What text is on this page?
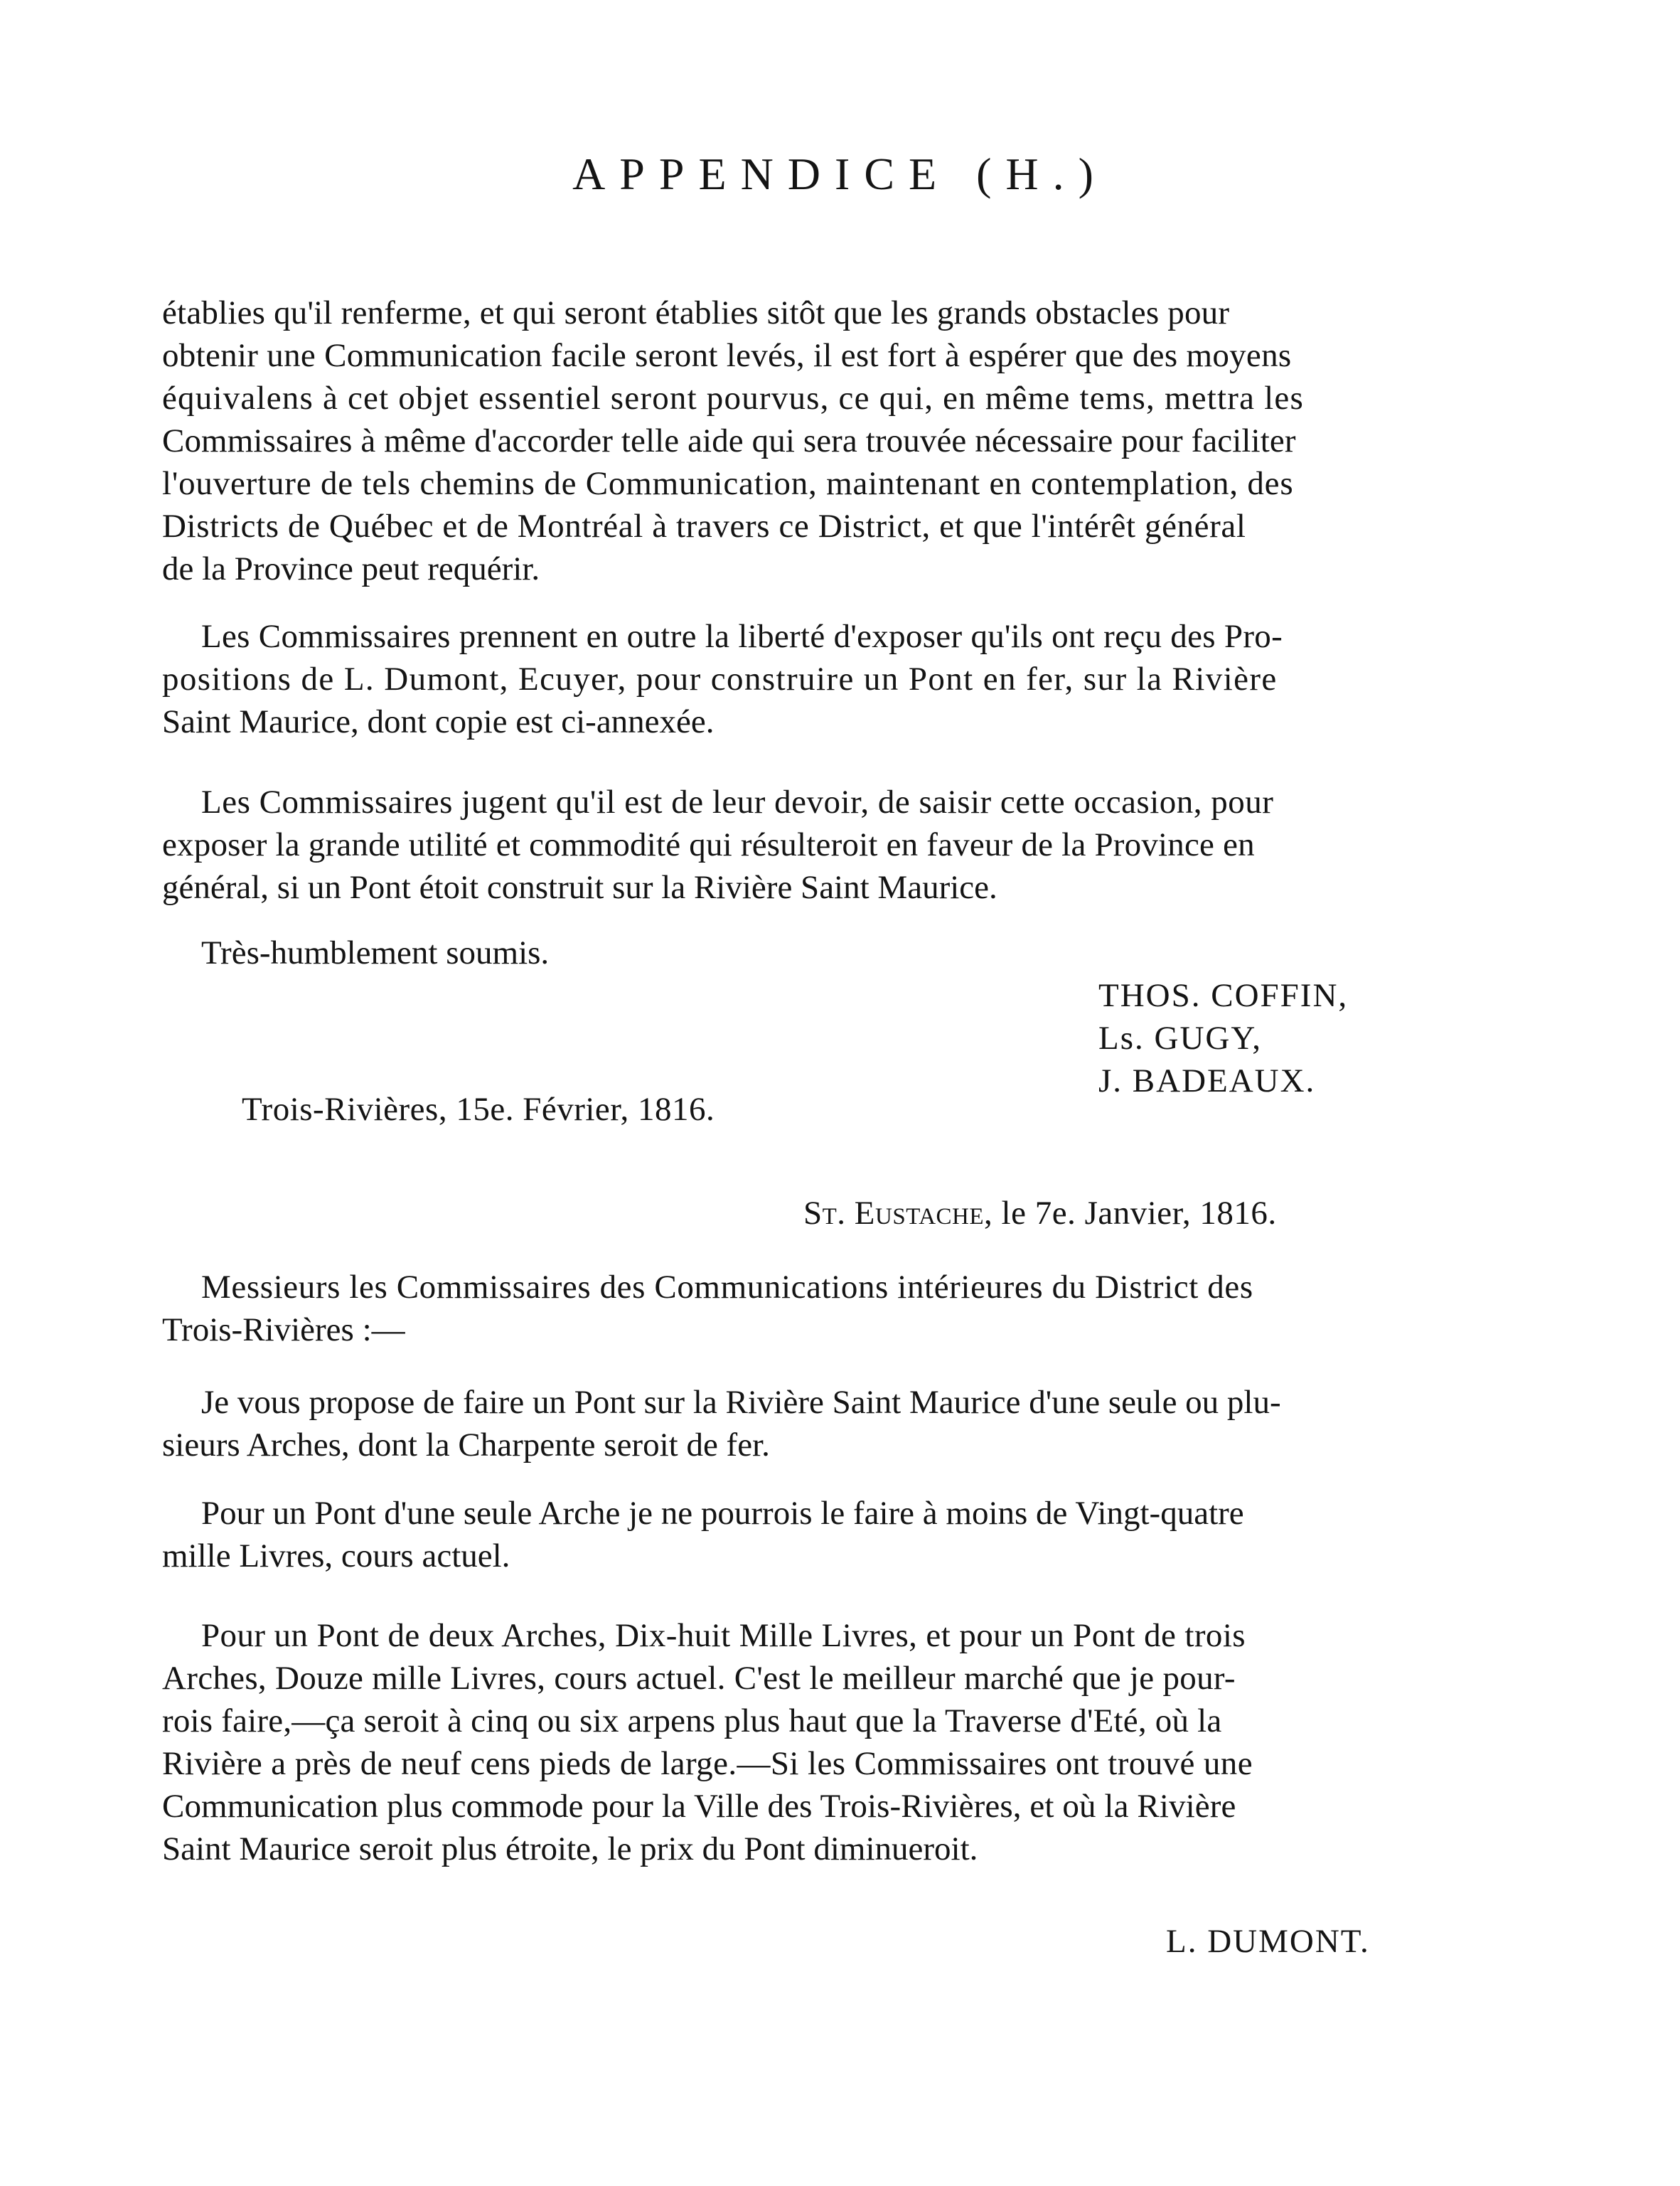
APPENDICE (H.)
établies qu'il renferme, et qui seront établies sitôt que les grands obstacles pour
obtenir une Communication facile seront levés, il est fort à espérer que des moyens
équivalens à cet objet essentiel seront pourvus, ce qui, en même tems, mettra les
Commissaires à même d'accorder telle aide qui sera trouvée nécessaire pour faciliter
l'ouverture de tels chemins de Communication, maintenant en contemplation, des
Districts de Québec et de Montréal à travers ce District, et que l'intérêt général
de la Province peut requérir.
Les Commissaires prennent en outre la liberté d'exposer qu'ils ont reçu des Pro-
positions de L. Dumont, Ecuyer, pour construire un Pont en fer, sur la Rivière
Saint Maurice, dont copie est ci-annexée.
Les Commissaires jugent qu'il est de leur devoir, de saisir cette occasion, pour
exposer la grande utilité et commodité qui résulteroit en faveur de la Province en
général, si un Pont étoit construit sur la Rivière Saint Maurice.
Très-humblement soumis.
THOS. COFFIN,
Ls. GUGY,
J. BADEAUX.
Trois-Rivières, 15e. Février, 1816.
St. Eustache, le 7e. Janvier, 1816.
Messieurs les Commissaires des Communications intérieures du District des
Trois-Rivières :—
Je vous propose de faire un Pont sur la Rivière Saint Maurice d'une seule ou plu-
sieurs Arches, dont la Charpente seroit de fer.
Pour un Pont d'une seule Arche je ne pourrois le faire à moins de Vingt-quatre
mille Livres, cours actuel.
Pour un Pont de deux Arches, Dix-huit Mille Livres, et pour un Pont de trois
Arches, Douze mille Livres, cours actuel. C'est le meilleur marché que je pour-
rois faire,—ça seroit à cinq ou six arpens plus haut que la Traverse d'Eté, où la
Rivière a près de neuf cens pieds de large.—Si les Commissaires ont trouvé une
Communication plus commode pour la Ville des Trois-Rivières, et où la Rivière
Saint Maurice seroit plus étroite, le prix du Pont diminueroit.
L. DUMONT.
